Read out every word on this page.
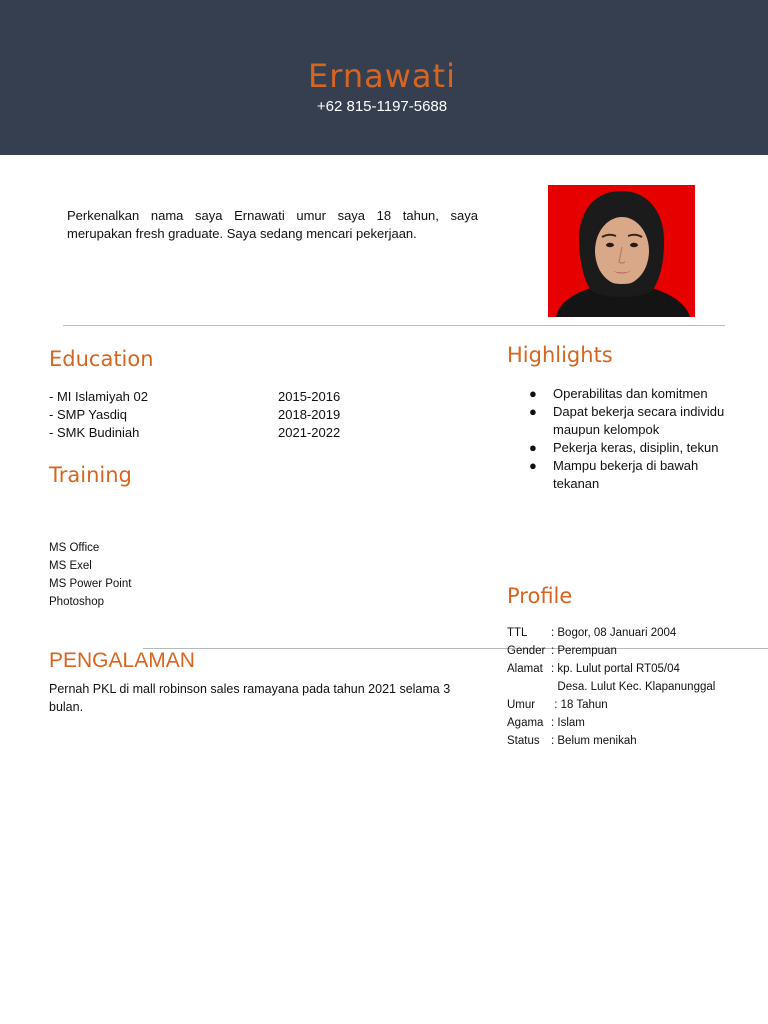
Ernawati
+62 815-1197-5688
Perkenalkan nama saya Ernawati umur saya 18 tahun, saya merupakan fresh graduate. Saya sedang mencari pekerjaan.
Education
- MI Islamiyah 02	2015-2016
- SMP Yasdiq	2018-2019
- SMK Budiniah	2021-2022
Training
MS Office
MS Exel
MS Power Point
Photoshop
PENGALAMAN
Pernah PKL di mall robinson sales ramayana pada tahun 2021 selama 3 bulan.
Highlights
● Operabilitas dan komitmen
● Dapat bekerja secara individu maupun kelompok
● Pekerja keras, disiplin, tekun
● Mampu bekerja di bawah tekanan
Profile
TTL : Bogor, 08 Januari 2004
Gender : Perempuan
Alamat : kp. Lulut portal RT05/04
Desa. Lulut Kec. Klapanunggal
Umur : 18 Tahun
Agama : Islam
Status : Belum menikah
